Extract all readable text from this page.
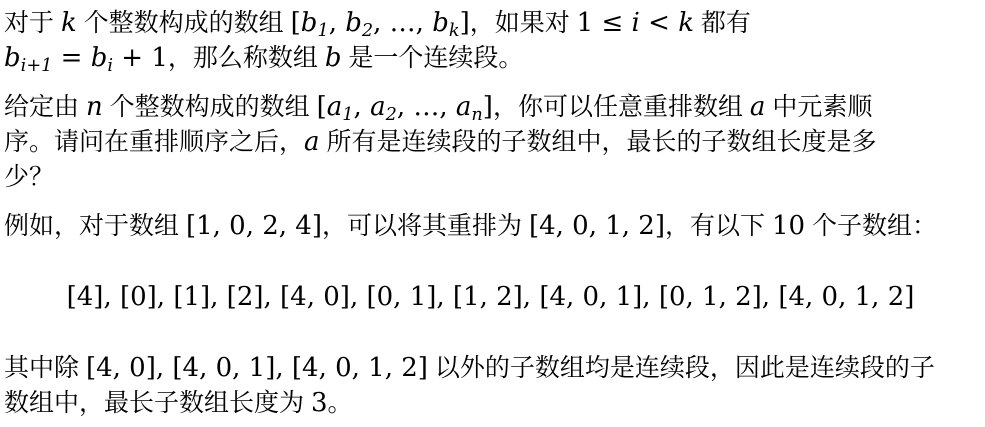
对于 k 个整数构成的数组 [$b_1$, $b_2$, …, $b_k$]，如果对 1 ≤ i < k 都有
$b_{i+1} = b_i + 1$，那么称数组 b 是一个连续段。

给定由 n 个整数构成的数组 [$a_1$, $a_2$, …, $a_n$]，你可以任意重排数组 a 中元素顺
序。请问在重排顺序之后，a 所有是连续段的子数组中，最长的子数组长度是多
少？

例如，对于数组 [1, 0, 2, 4]，可以将其重排为 [4, 0, 1, 2]，有以下 10 个子数组：

[4], [0], [1], [2], [4, 0], [0, 1], [1, 2], [4, 0, 1], [0, 1, 2], [4, 0, 1, 2]

其中除 [4, 0], [4, 0, 1], [4, 0, 1, 2] 以外的子数组均是连续段，因此是连续段的子
数组中，最长子数组长度为 3。
